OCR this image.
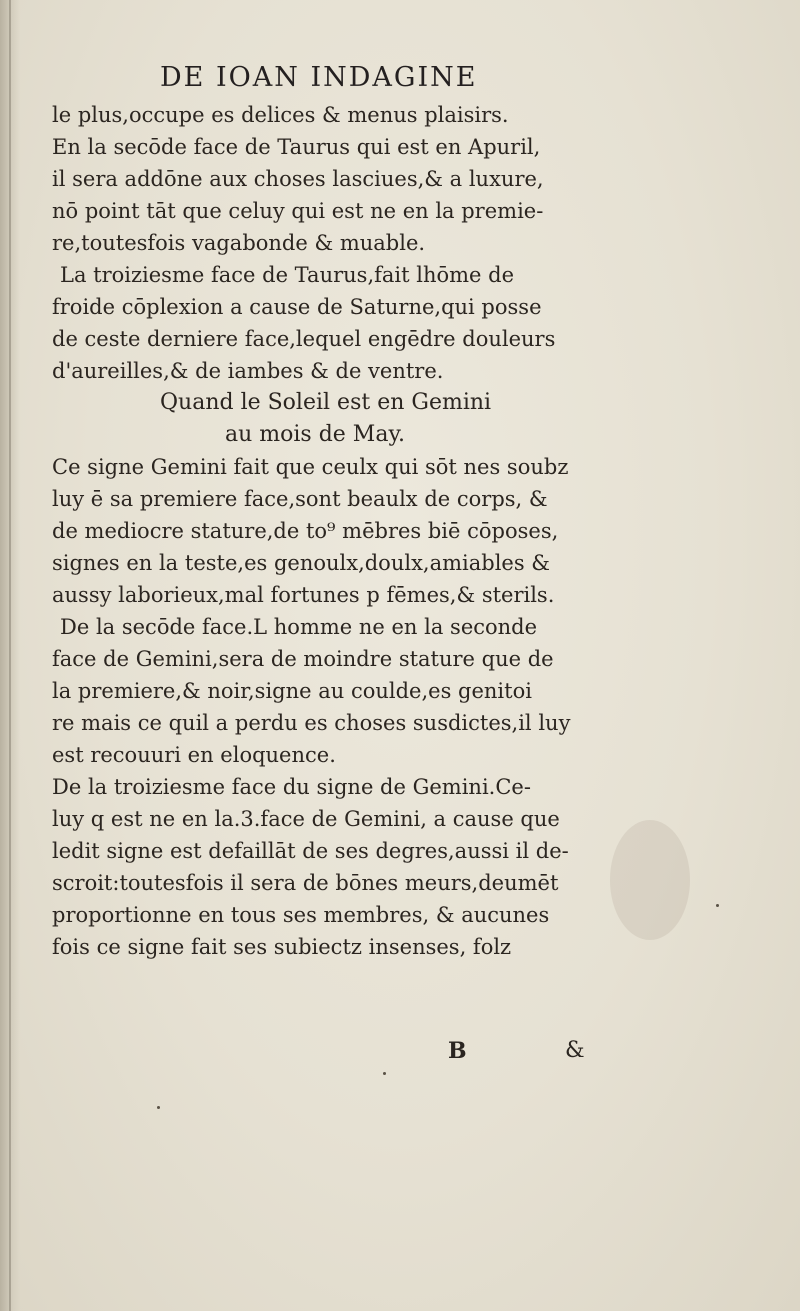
DE IOAN INDAGINE
le plus,occupe es delices & menus plaisirs.
En la secōde face de Taurus qui est en Apuril,
il sera addōne aux choses lasciues,& a luxure,
nō point tāt que celuy qui est ne en la premie-
re,toutesfois vagabonde & muable.
La troiziesme face de Taurus,fait lhōme de
froide cōplexion a cause de Saturne,qui posse
de ceste derniere face,lequel engēdre douleurs
d'aureilles,& de iambes & de ventre.
Quand le Soleil est en Gemini
au mois de May.
Ce signe Gemini fait que ceulx qui sōt nes soubz
luy ē sa premiere face,sont beaulx de corps, &
de mediocre stature,de to⁹ mēbres biē cōposes,
signes en la teste,es genoulx,doulx,amiables &
aussy laborieux,mal fortunes p fēmes,& sterils.
De la secōde face.L homme ne en la seconde
face de Gemini,sera de moindre stature que de
la premiere,& noir,signe au coulde,es genitoi
re mais ce quil a perdu es choses susdictes,il luy
est recouuri en eloquence.
De la troiziesme face du signe de Gemini.Ce-
luy q est ne en la.3.face de Gemini, a cause que
ledit signe est defaillāt de ses degres,aussi il de-
scroit:toutesfois il sera de bōnes meurs,deumēt
proportionne en tous ses membres, & aucunes
fois ce signe fait ses subiectz insenses, folz
B	&
